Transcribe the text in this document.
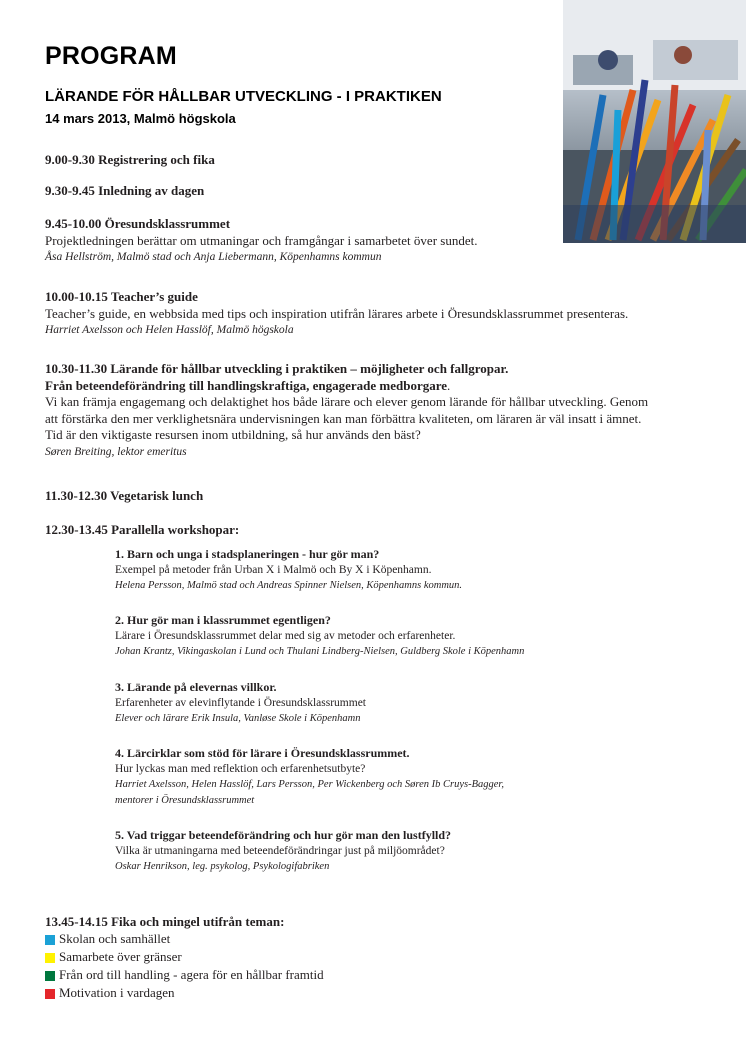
PROGRAM
LÄRANDE FÖR HÅLLBAR UTVECKLING - I PRAKTIKEN
14 mars 2013, Malmö högskola
9.00-9.30 Registrering och fika
9.30-9.45 Inledning av dagen
9.45-10.00 Öresundsklassrummet
Projektledningen berättar om utmaningar och framgångar i samarbetet över sundet.
Åsa Hellström, Malmö stad och Anja Liebermann, Köpenhamns kommun
10.00-10.15 Teacher’s guide
Teacher’s guide, en webbsida med tips och inspiration utifrån lärares arbete i Öresundsklassrummet presenteras.
Harriet Axelsson och Helen Hasslöf, Malmö högskola
10.30-11.30 Lärande för hållbar utveckling i praktiken – möjligheter och fallgropar.
Från beteendeförändring till handlingskraftiga, engagerade medborgare.
Vi kan främja engagemang och delaktighet hos både lärare och elever genom lärande för hållbar utveckling. Genom
att förstärka den mer verklighetsnära undervisningen kan man förbättra kvaliteten, om läraren är väl insatt i ämnet.
Tid är den viktigaste resursen inom utbildning, så hur används den bäst?
Søren Breiting, lektor emeritus
11.30-12.30 Vegetarisk lunch
12.30-13.45 Parallella workshopar:
1. Barn och unga i stadsplaneringen - hur gör man?
Exempel på metoder från Urban X i Malmö och By X i Köpenhamn.
Helena Persson, Malmö stad och Andreas Spinner Nielsen, Köpenhamns kommun.
2. Hur gör man i klassrummet egentligen?
Lärare i Öresundsklassrummet delar med sig av metoder och erfarenheter.
Johan Krantz, Vikingaskolan i Lund och Thulani Lindberg-Nielsen, Guldberg Skole i Köpenhamn
3. Lärande på elevernas villkor.
Erfarenheter av elevinflytande i Öresundsklassrummet
Elever och lärare Erik Insula, Vanløse Skole i Köpenhamn
4. Lärcirklar som stöd för lärare i Öresundsklassrummet.
Hur lyckas man med reflektion och erfarenhetsutbyte?
Harriet Axelsson, Helen Hasslöf, Lars Persson, Per Wickenberg och Søren Ib Cruys-Bagger,
mentorer i Öresundsklassrummet
5. Vad triggar beteendeförändring och hur gör man den lustfylld?
Vilka är utmaningarna med beteendeförändringar just på miljöområdet?
Oskar Henrikson, leg. psykolog, Psykologifabriken
13.45-14.15 Fika och mingel utifrån teman:
Skolan och samhället
Samarbete över gränser
Från ord till handling - agera för en hållbar framtid
Motivation i vardagen
